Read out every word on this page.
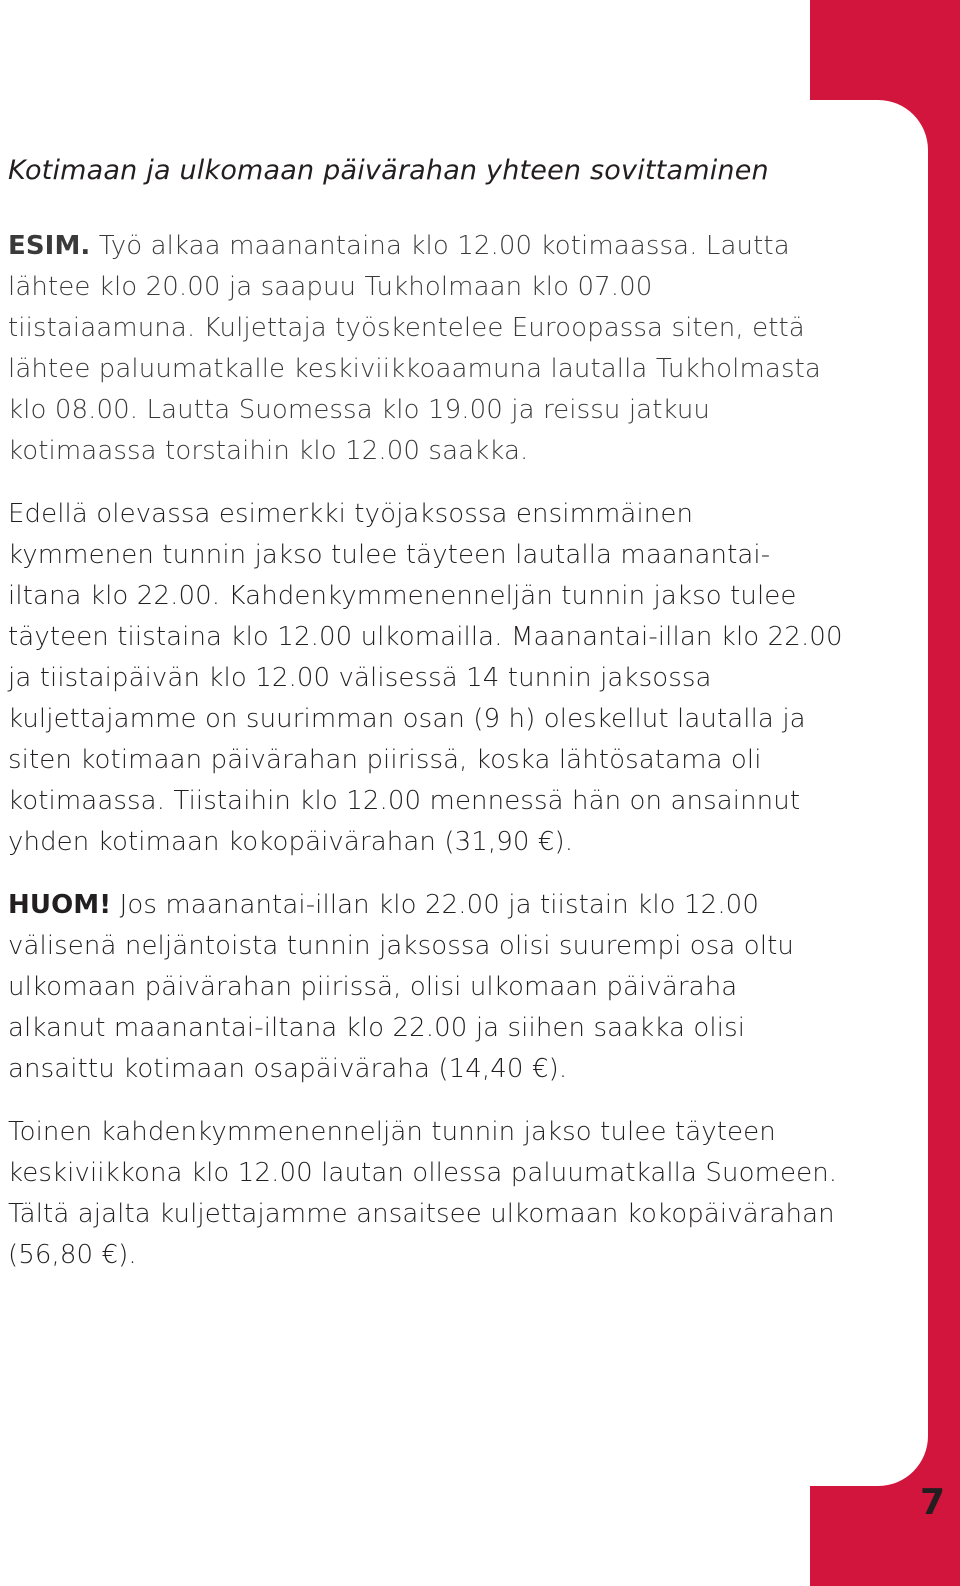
7
Kotimaan ja ulkomaan päivärahan yhteen sovittaminen

ESIM. Työ alkaa maanantaina klo 12.00 kotimaassa. Lautta lähtee klo 20.00 ja saapuu Tukholmaan klo 07.00 tiistaiaamuna. Kuljettaja työskentelee Euroopassa siten, että lähtee paluumatkalle keskiviikkoaamuna lautalla Tukholmasta klo 08.00. Lautta Suomessa klo 19.00 ja reissu jatkuu kotimaassa torstaihin klo 12.00 saakka.

Edellä olevassa esimerkki työjaksossa ensimmäinen kymmenen tunnin jakso tulee täyteen lautalla maanantai-iltana klo 22.00. Kahdenkymmenenneljän tunnin jakso tulee täyteen tiistaina klo 12.00 ulkomailla. Maanantai-illan klo 22.00 ja tiistaipäivän klo 12.00 välisessä 14 tunnin jaksossa kuljettajamme on suurimman osan (9 h) oleskellut lautalla ja siten kotimaan päivärahan piirissä, koska lähtösatama oli kotimaassa. Tiistaihin klo 12.00 mennessä hän on ansainnut yhden kotimaan kokopäivärahan (31,90 €).

HUOM! Jos maanantai-illan klo 22.00 ja tiistain klo 12.00 välisenä neljäntoista tunnin jaksossa olisi suurempi osa oltu ulkomaan päivärahan piirissä, olisi ulkomaan päiväraha alkanut maanantai-iltana klo 22.00 ja siihen saakka olisi ansaittu kotimaan osapäiväraha (14,40 €).

Toinen kahdenkymmenenneljän tunnin jakso tulee täyteen keskiviikkona klo 12.00 lautan ollessa paluumatkalla Suomeen. Tältä ajalta kuljettajamme ansaitsee ulkomaan kokopäivärahan (56,80 €).
